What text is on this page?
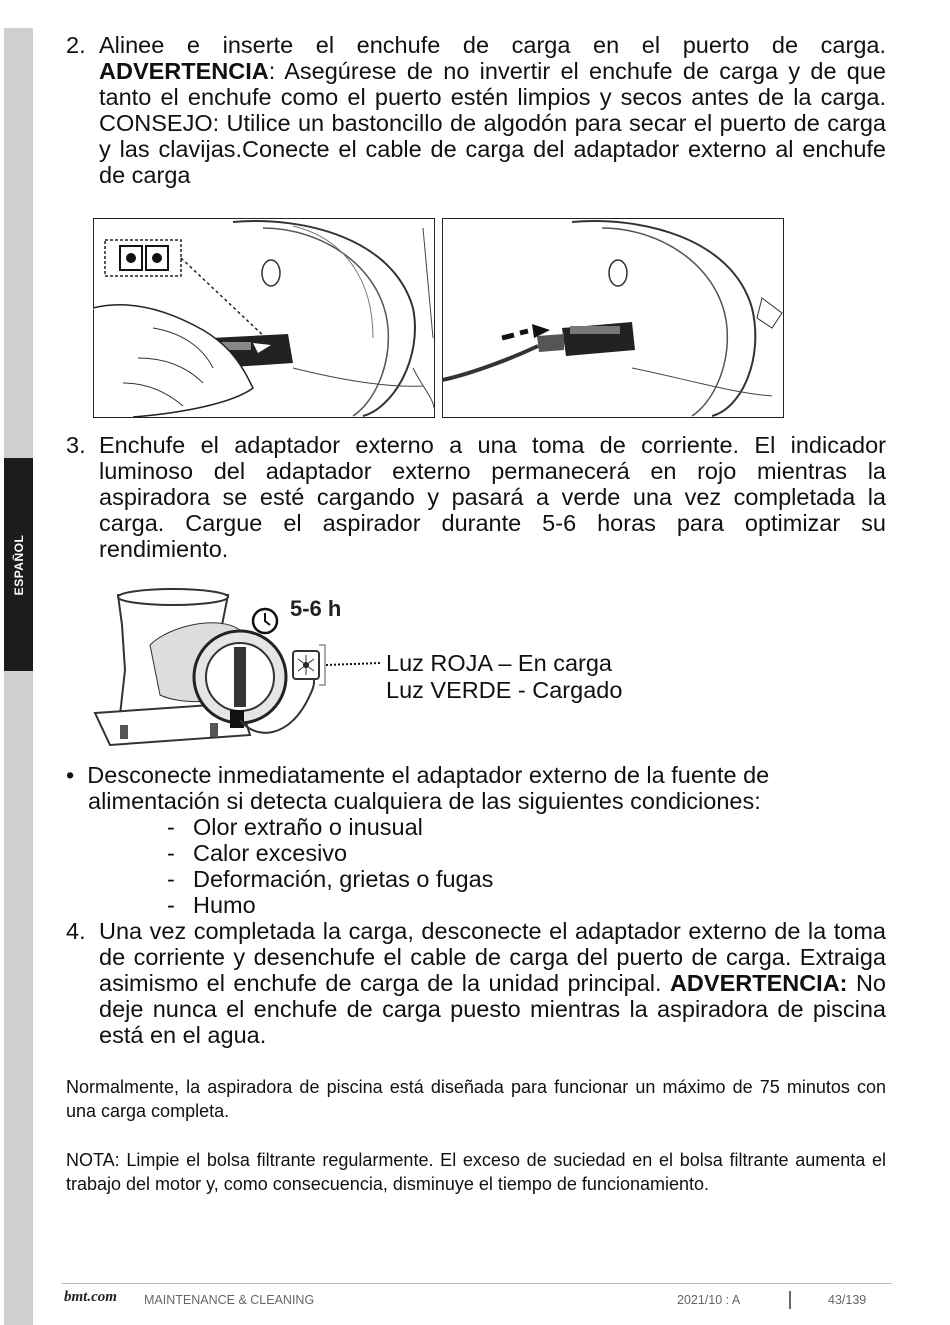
ESPAÑOL
2. Alinee e inserte el enchufe de carga en el puerto de carga. ADVERTENCIA: Asegúrese de no invertir el enchufe de carga y de que tanto el enchufe como el puerto estén limpios y secos antes de la carga. CONSEJO: Utilice un bastoncillo de algodón para secar el puerto de carga y las clavijas.Conecte el cable de carga del adaptador externo al enchufe de carga
3. Enchufe el adaptador externo a una toma de corriente. El indicador luminoso del adaptador externo permanecerá en rojo mientras la aspiradora se esté cargando y pasará a verde una vez completada la carga. Cargue el aspirador durante 5-6 horas para optimizar su rendimiento.
5-6 h
Luz ROJA – En carga
Luz VERDE - Cargado
• Desconecte inmediatamente el adaptador externo de la fuente de
alimentación si detecta cualquiera de las siguientes condiciones:
- Olor extraño o inusual
- Calor excesivo
- Deformación, grietas o fugas
- Humo
4. Una vez completada la carga, desconecte el adaptador externo de la toma de corriente y desenchufe el cable de carga del puerto de carga. Extraiga asimismo el enchufe de carga de la unidad principal. ADVERTENCIA: No deje nunca el enchufe de carga puesto mientras la aspiradora de piscina está en el agua.
Normalmente, la aspiradora de piscina está diseñada para funcionar un máximo de 75 minutos con una carga completa.
NOTA: Limpie el bolsa filtrante regularmente. El exceso de suciedad en el bolsa filtrante aumenta el trabajo del motor y, como consecuencia, disminuye el tiempo de funcionamiento.
bmt.com MAINTENANCE & CLEANING	2021/10 : A	43/139
